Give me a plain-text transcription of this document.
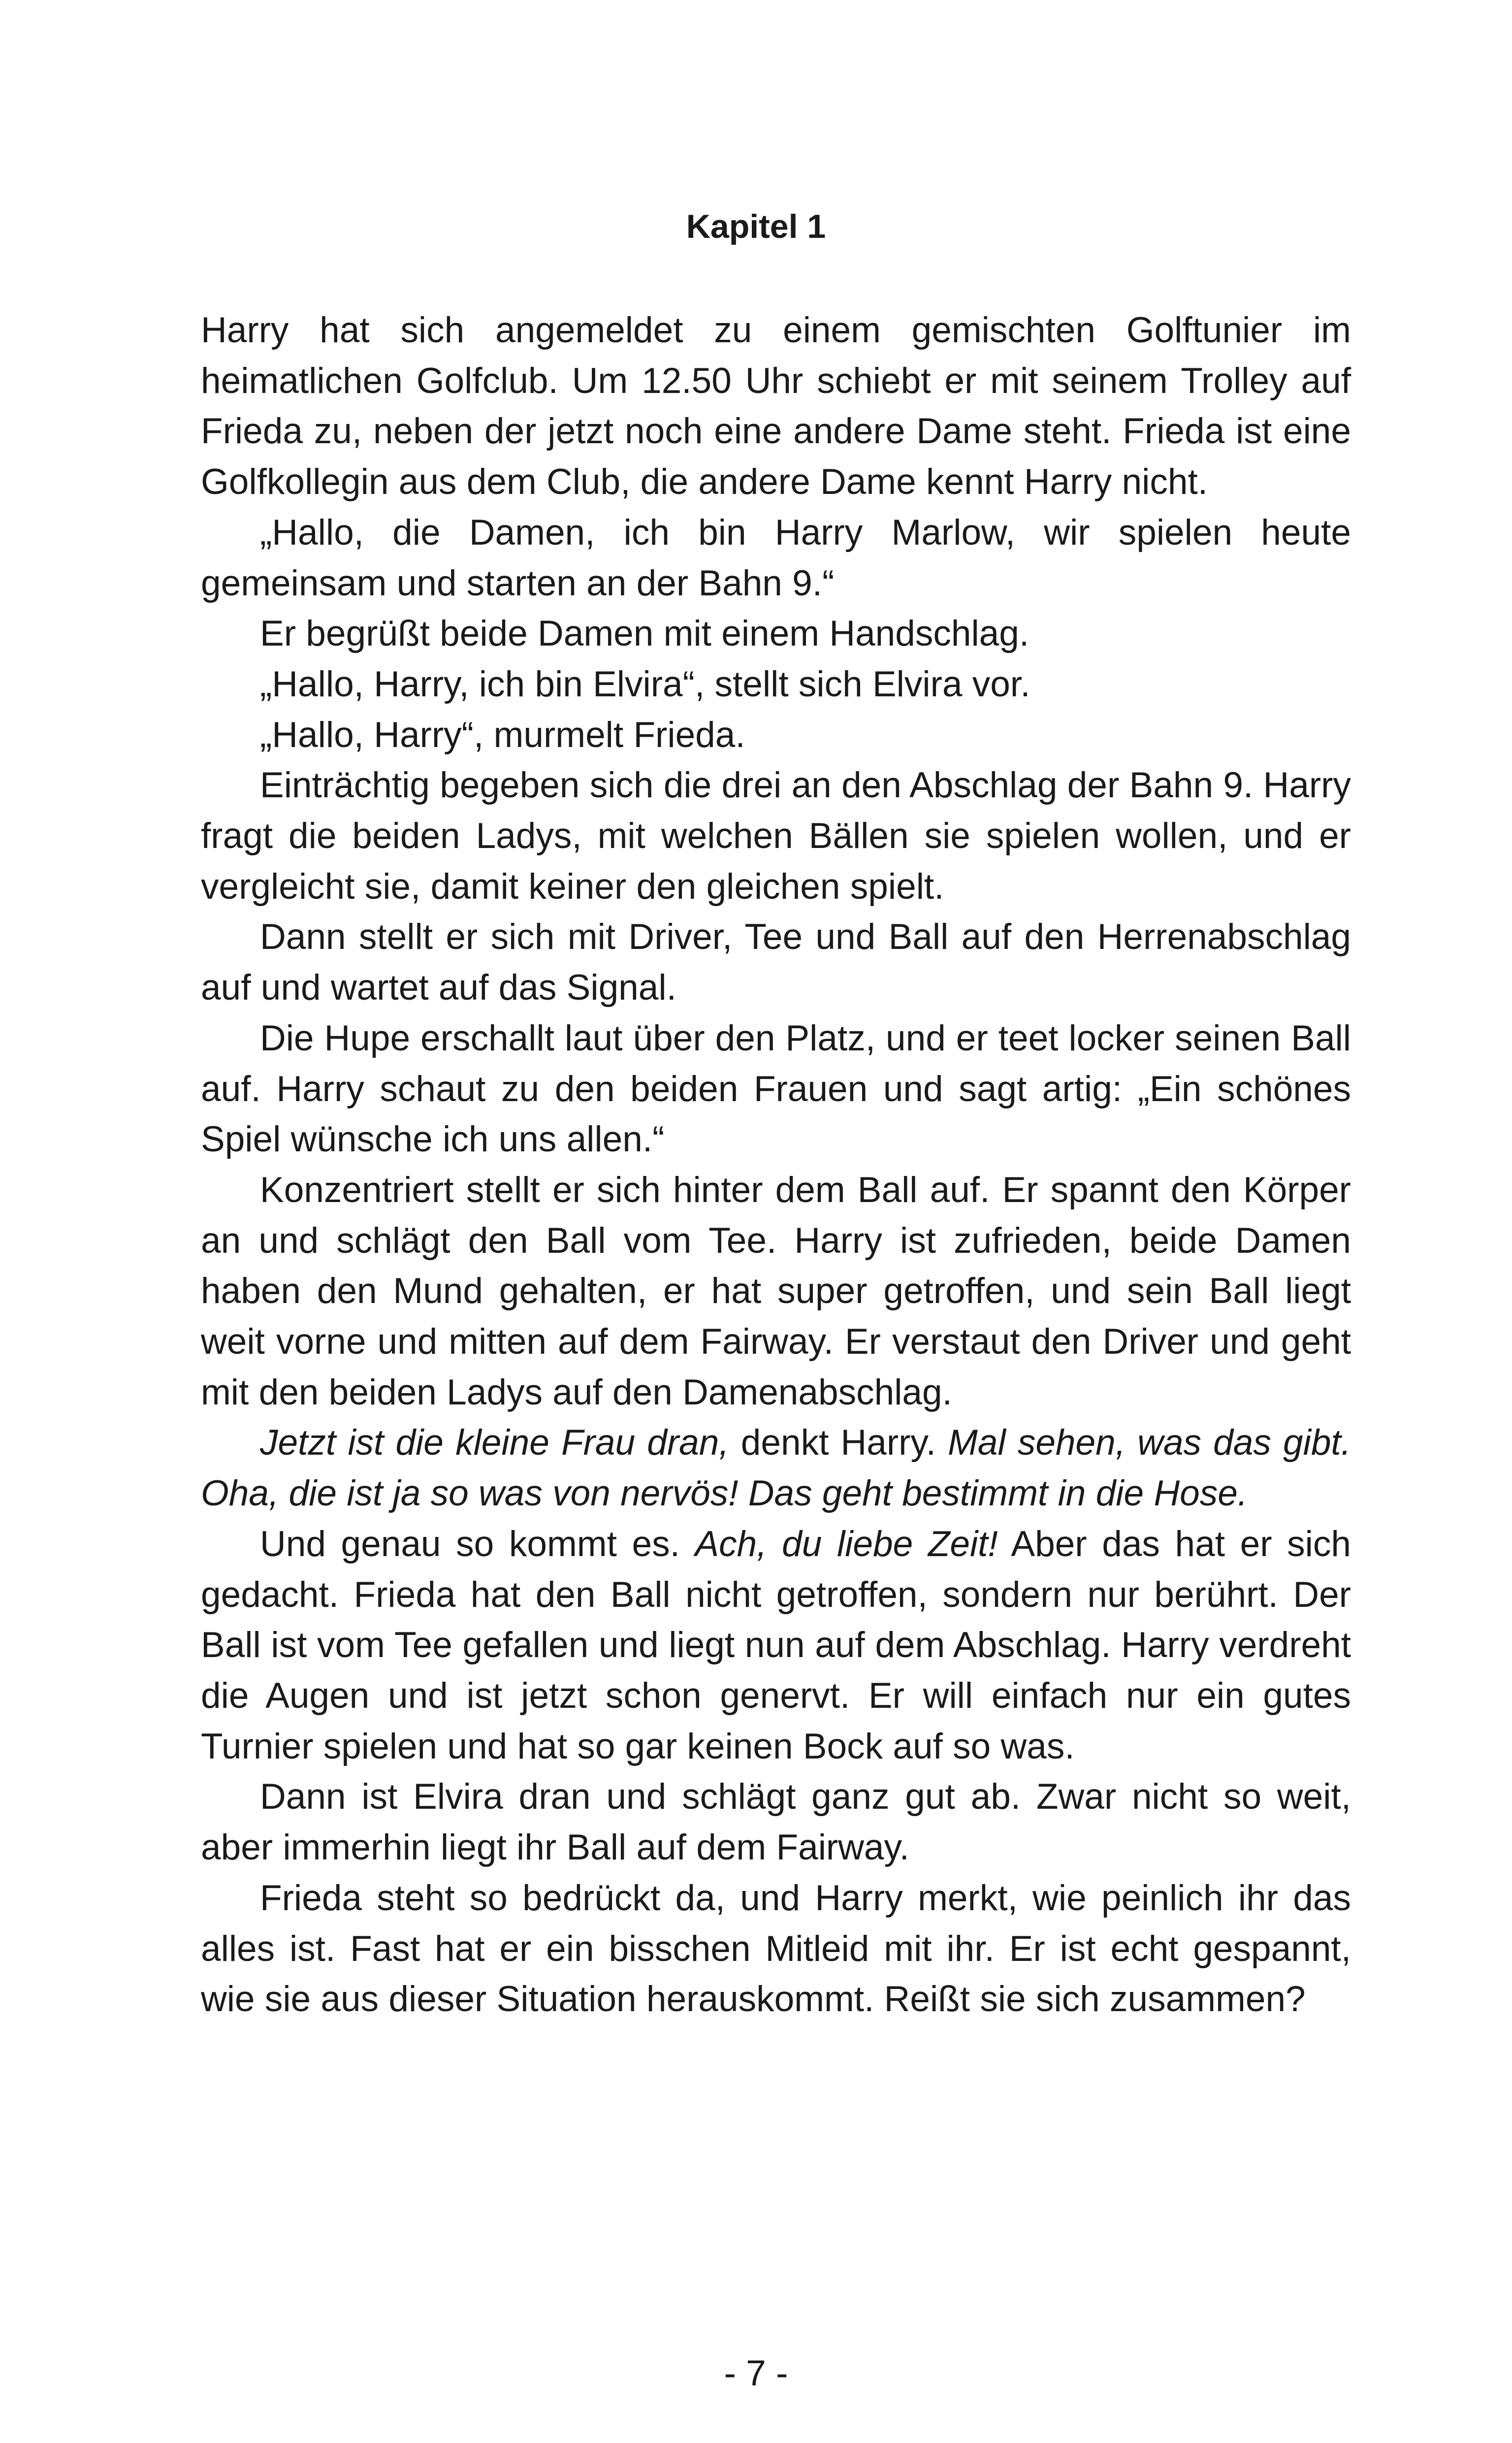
Kapitel 1

Harry hat sich angemeldet zu einem gemischten Golftunier im heimatlichen Golfclub. Um 12.50 Uhr schiebt er mit seinem Trolley auf Frieda zu, neben der jetzt noch eine andere Dame steht. Frieda ist eine Golfkollegin aus dem Club, die andere Dame kennt Harry nicht.

„Hallo, die Damen, ich bin Harry Marlow, wir spielen heute gemeinsam und starten an der Bahn 9.“

Er begrüßt beide Damen mit einem Handschlag.

„Hallo, Harry, ich bin Elvira“, stellt sich Elvira vor.

„Hallo, Harry“, murmelt Frieda.

Einträchtig begeben sich die drei an den Abschlag der Bahn 9. Harry fragt die beiden Ladys, mit welchen Bällen sie spielen wollen, und er vergleicht sie, damit keiner den gleichen spielt.

Dann stellt er sich mit Driver, Tee und Ball auf den Herrenabschlag auf und wartet auf das Signal.

Die Hupe erschallt laut über den Platz, und er teet locker seinen Ball auf. Harry schaut zu den beiden Frauen und sagt artig: „Ein schönes Spiel wünsche ich uns allen.“

Konzentriert stellt er sich hinter dem Ball auf. Er spannt den Körper an und schlägt den Ball vom Tee. Harry ist zufrieden, beide Damen haben den Mund gehalten, er hat super getroffen, und sein Ball liegt weit vorne und mitten auf dem Fairway. Er verstaut den Driver und geht mit den beiden Ladys auf den Damenabschlag.

Jetzt ist die kleine Frau dran, denkt Harry. Mal sehen, was das gibt. Oha, die ist ja so was von nervös! Das geht bestimmt in die Hose.

Und genau so kommt es. Ach, du liebe Zeit! Aber das hat er sich gedacht. Frieda hat den Ball nicht getroffen, sondern nur berührt. Der Ball ist vom Tee gefallen und liegt nun auf dem Abschlag. Harry verdreht die Augen und ist jetzt schon genervt. Er will einfach nur ein gutes Turnier spielen und hat so gar keinen Bock auf so was.

Dann ist Elvira dran und schlägt ganz gut ab. Zwar nicht so weit, aber immerhin liegt ihr Ball auf dem Fairway.

Frieda steht so bedrückt da, und Harry merkt, wie peinlich ihr das alles ist. Fast hat er ein bisschen Mitleid mit ihr. Er ist echt gespannt, wie sie aus dieser Situation herauskommt. Reißt sie sich zusammen?

- 7 -
